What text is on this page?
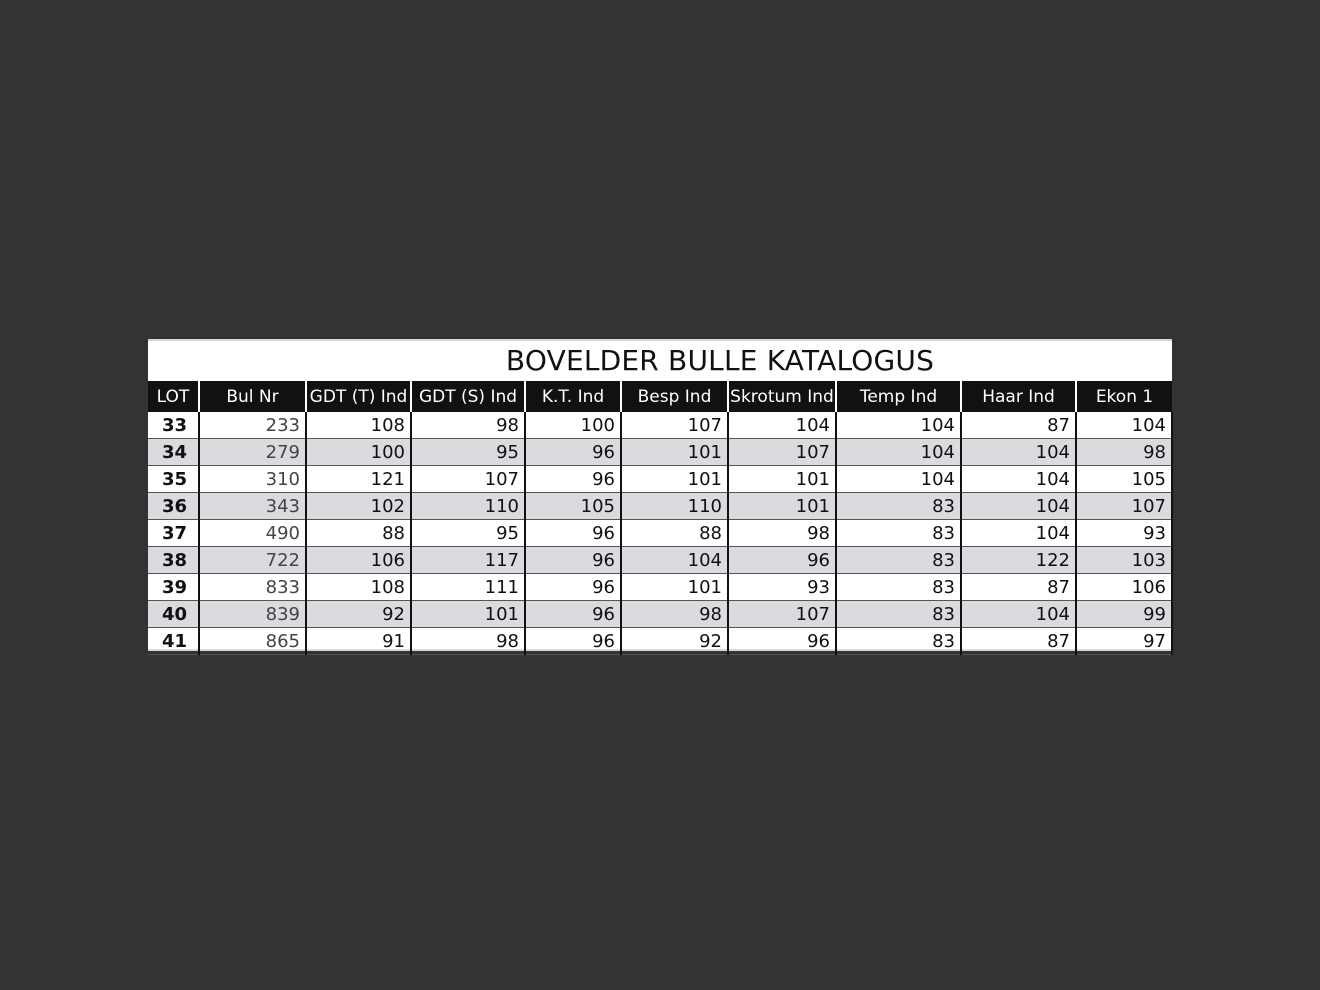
BOVELDER BULLE KATALOGUS
LOT	Bul Nr	GDT (T) Ind	GDT (S) Ind	K.T. Ind	Besp Ind	Skrotum Ind	Temp Ind	Haar Ind	Ekon 1
33	233	108	98	100	107	104	104	87	104
34	279	100	95	96	101	107	104	104	98
35	310	121	107	96	101	101	104	104	105
36	343	102	110	105	110	101	83	104	107
37	490	88	95	96	88	98	83	104	93
38	722	106	117	96	104	96	83	122	103
39	833	108	111	96	101	93	83	87	106
40	839	92	101	96	98	107	83	104	99
41	865	91	98	96	92	96	83	87	97
